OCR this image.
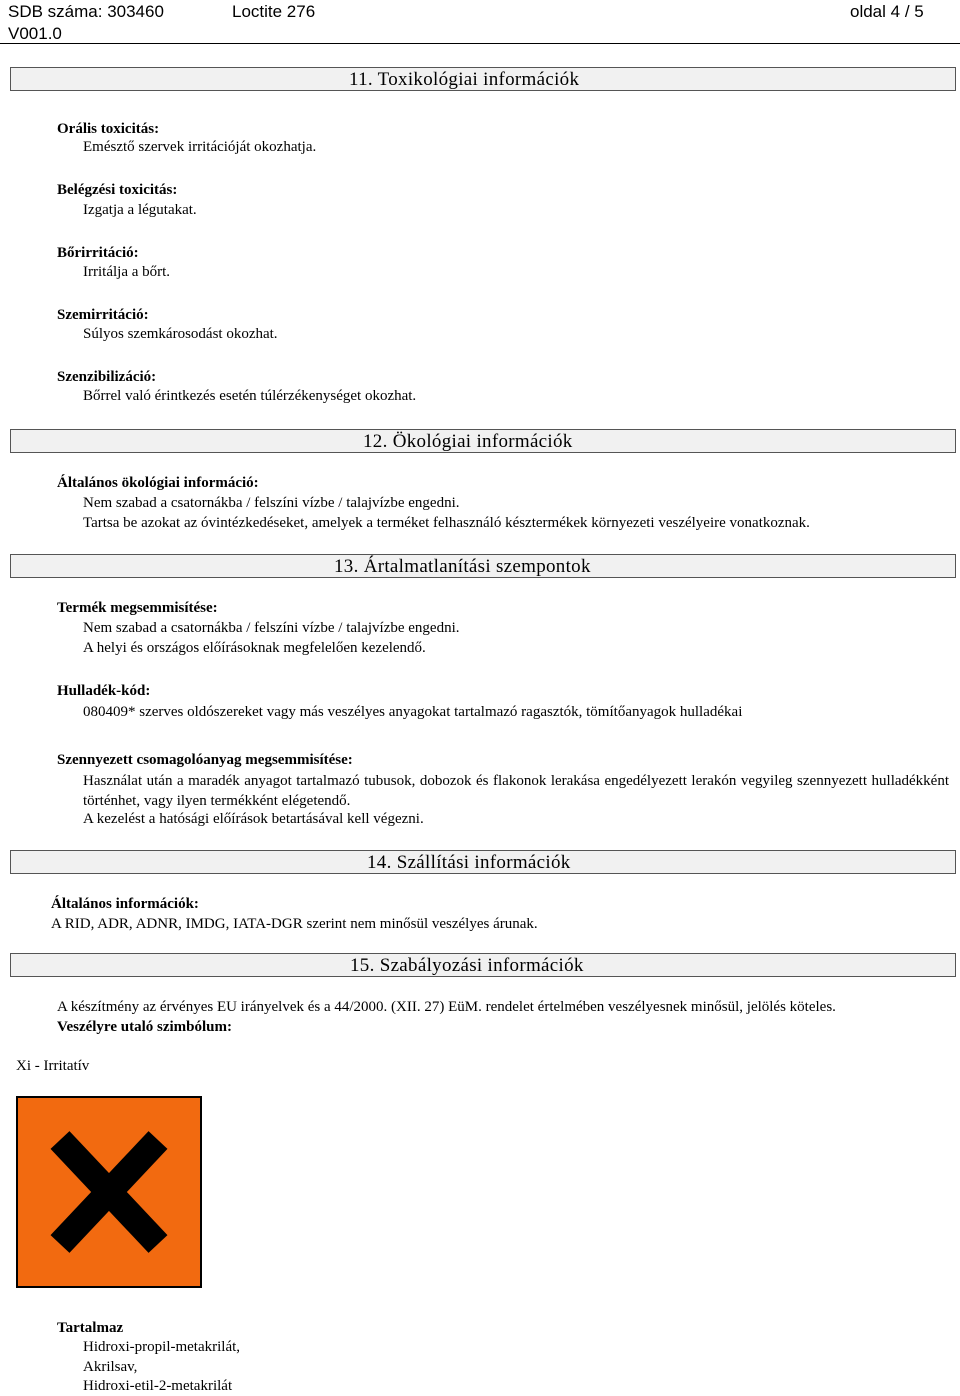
SDB száma: 303460	Loctite 276	oldal 4 / 5
V001.0
11. Toxikológiai információk
Orális toxicitás:
Emésztő szervek irritációját okozhatja.
Belégzési toxicitás:
Izgatja a légutakat.
Bőrirritáció:
Irritálja a bőrt.
Szemirritáció:
Súlyos szemkárosodást okozhat.
Szenzibilizáció:
Bőrrel való érintkezés esetén túlérzékenységet okozhat.
12. Ökológiai információk
Általános ökológiai információ:
Nem szabad a csatornákba / felszíni vízbe / talajvízbe engedni.
Tartsa be azokat az óvintézkedéseket, amelyek a terméket felhasználó késztermékek környezeti veszélyeire vonatkoznak.
13. Ártalmatlanítási szempontok
Termék megsemmisítése:
Nem szabad a csatornákba / felszíni vízbe / talajvízbe engedni.
A helyi és országos előírásoknak megfelelően kezelendő.
Hulladék-kód:
080409* szerves oldószereket vagy más veszélyes anyagokat tartalmazó ragasztók, tömítőanyagok hulladékai
Szennyezett csomagolóanyag megsemmisítése:
Használat után a maradék anyagot tartalmazó tubusok, dobozok és flakonok lerakása engedélyezett lerakón vegyileg szennyezett hulladékként történhet, vagy ilyen termékként elégetendő.
A kezelést a hatósági előírások betartásával kell végezni.
14. Szállítási információk
Általános információk:
A RID, ADR, ADNR, IMDG, IATA-DGR szerint nem minősül veszélyes árunak.
15. Szabályozási információk
A készítmény az érvényes EU irányelvek és a 44/2000. (XII. 27) EüM. rendelet értelmében veszélyesnek minősül, jelölés köteles.
Veszélyre utaló szimbólum:
Xi - Irritatív
Tartalmaz
Hidroxi-propil-metakrilát,
Akrilsav,
Hidroxi-etil-2-metakrilát
